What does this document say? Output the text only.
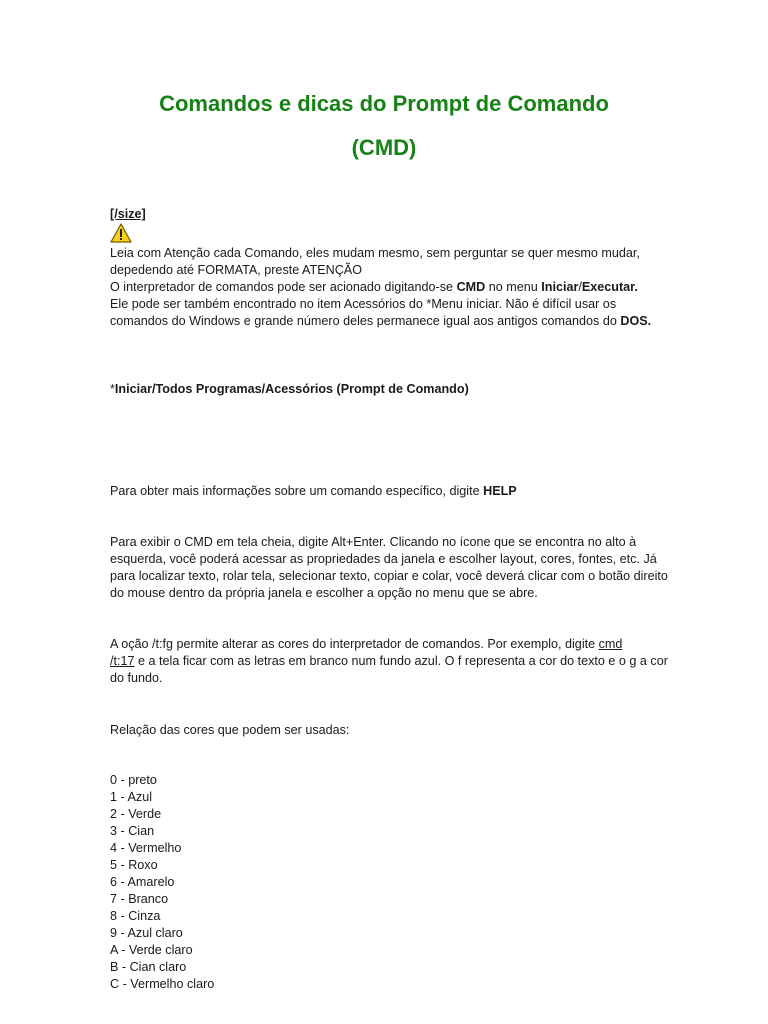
Comandos e dicas do Prompt de Comando
(CMD)
[/size]
Leia com Atenção cada Comando, eles mudam mesmo, sem perguntar se quer mesmo mudar,
depedendo até FORMATA, preste ATENÇÃO
O interpretador de comandos pode ser acionado digitando-se CMD no menu Iniciar/Executar.
Ele pode ser também encontrado no item Acessórios do *Menu iniciar. Não é difícil usar os comandos do Windows e grande número deles permanece igual aos antigos comandos do DOS.
*Iniciar/Todos Programas/Acessórios (Prompt de Comando)
Para obter mais informações sobre um comando específico, digite HELP
Para exibir o CMD em tela cheia, digite Alt+Enter. Clicando no ícone que se encontra no alto à esquerda, você poderá acessar as propriedades da janela e escolher layout, cores, fontes, etc. Já para localizar texto, rolar tela, selecionar texto, copiar e colar, você deverá clicar com o botão direito do mouse dentro da própria janela e escolher a opção no menu que se abre.
A oção /t:fg permite alterar as cores do interpretador de comandos. Por exemplo, digite cmd
/t:17 e a tela ficar com as letras em branco num fundo azul. O f representa a cor do texto e o g a cor do fundo.
Relação das cores que podem ser usadas:
0 - preto
1 - Azul
2 - Verde
3 - Cian
4 - Vermelho
5 - Roxo
6 - Amarelo
7 - Branco
8 - Cinza
9 - Azul claro
A - Verde claro
B - Cian claro
C - Vermelho claro
